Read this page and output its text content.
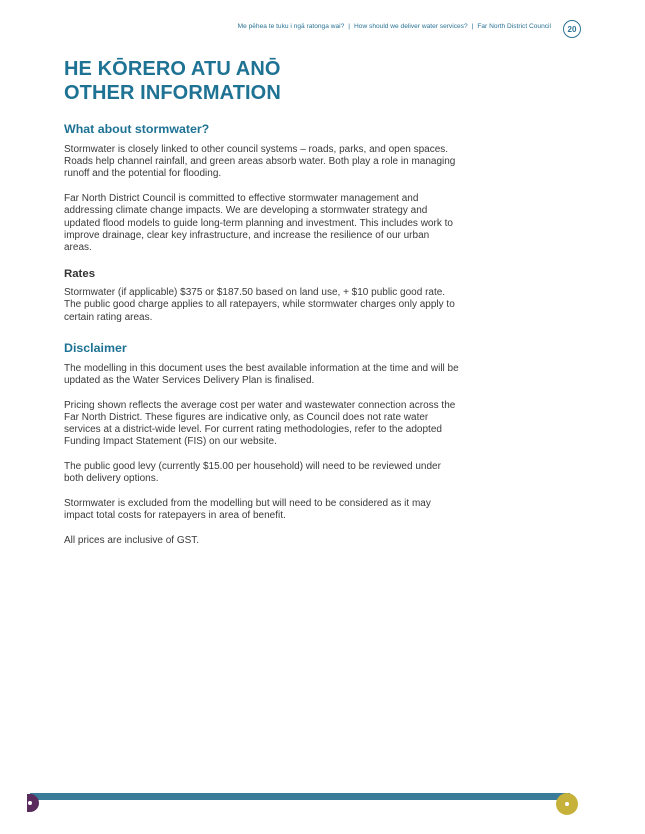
Me pēhea te tuku i ngā ratonga wai? | How should we deliver water services? | Far North District Council	20
HE KŌRERO ATU ANŌ
OTHER INFORMATION
What about stormwater?

Stormwater is closely linked to other council systems – roads, parks, and open spaces. Roads help channel rainfall, and green areas absorb water. Both play a role in managing runoff and the potential for flooding.

Far North District Council is committed to effective stormwater management and addressing climate change impacts. We are developing a stormwater strategy and updated flood models to guide long-term planning and investment. This includes work to improve drainage, clear key infrastructure, and increase the resilience of our urban areas.

Rates

Stormwater (if applicable) $375 or $187.50 based on land use, + $10 public good rate. The public good charge applies to all ratepayers, while stormwater charges only apply to certain rating areas.

Disclaimer

The modelling in this document uses the best available information at the time and will be updated as the Water Services Delivery Plan is finalised.

Pricing shown reflects the average cost per water and wastewater connection across the Far North District. These figures are indicative only, as Council does not rate water services at a district-wide level. For current rating methodologies, refer to the adopted Funding Impact Statement (FIS) on our website.

The public good levy (currently $15.00 per household) will need to be reviewed under both delivery options.

Stormwater is excluded from the modelling but will need to be considered as it may impact total costs for ratepayers in area of benefit.

All prices are inclusive of GST.
